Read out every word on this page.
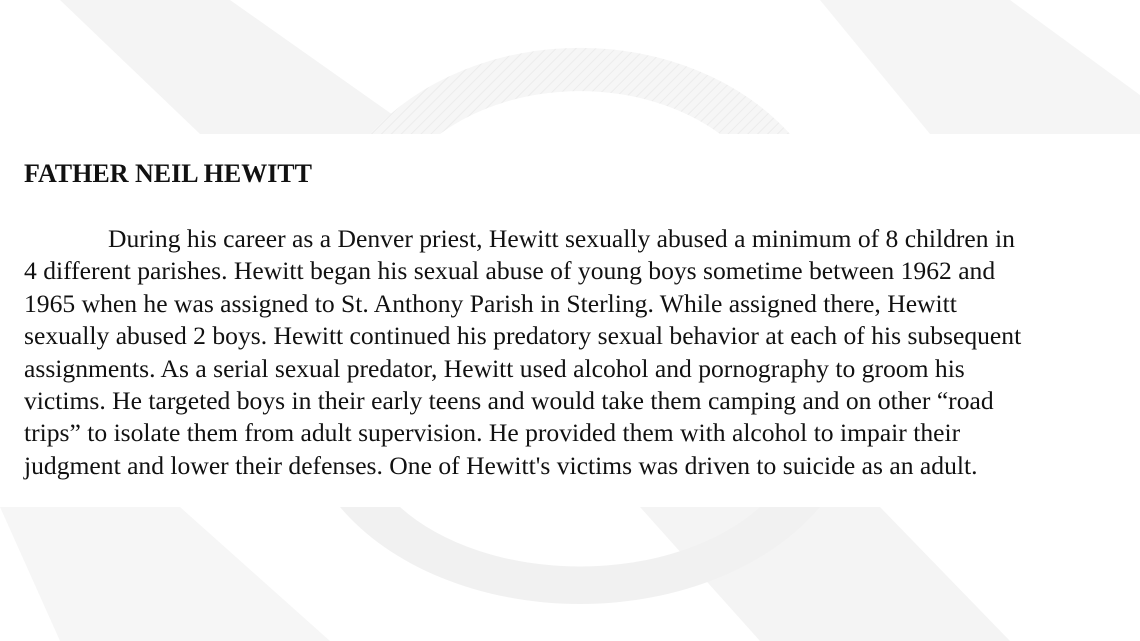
FATHER NEIL HEWITT

During his career as a Denver priest, Hewitt sexually abused a minimum of 8 children in
4 different parishes. Hewitt began his sexual abuse of young boys sometime between 1962 and
1965 when he was assigned to St. Anthony Parish in Sterling. While assigned there, Hewitt
sexually abused 2 boys. Hewitt continued his predatory sexual behavior at each of his subsequent
assignments. As a serial sexual predator, Hewitt used alcohol and pornography to groom his
victims. He targeted boys in their early teens and would take them camping and on other “road
trips” to isolate them from adult supervision. He provided them with alcohol to impair their
judgment and lower their defenses. One of Hewitt's victims was driven to suicide as an adult.
